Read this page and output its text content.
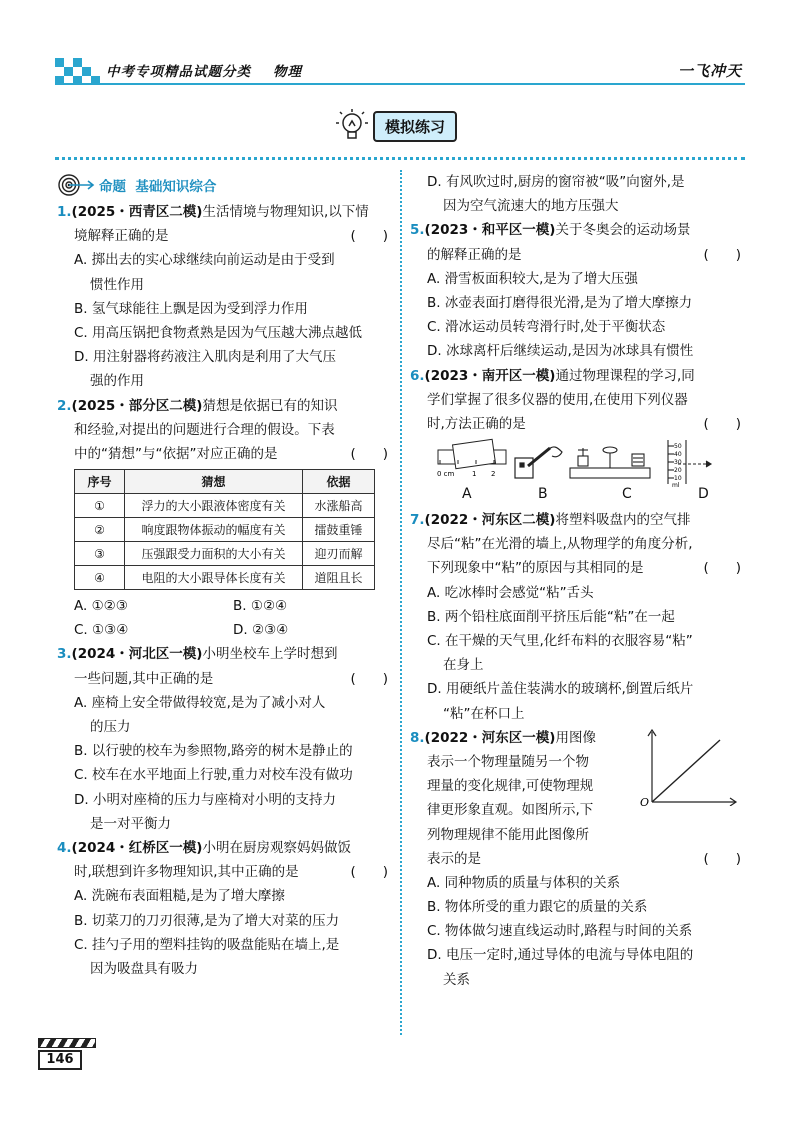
中考专项精品试题分类 物理	一飞冲天
模拟练习
命题
基础知识综合
1.(2025・西青区二模)生活情境与物理知识,以下情
境解释正确的是	(　　)
A. 掷出去的实心球继续向前运动是由于受到
惯性作用
B. 氢气球能往上飘是因为受到浮力作用
C. 用高压锅把食物煮熟是因为气压越大沸点越低
D. 用注射器将药液注入肌肉是利用了大气压
强的作用
2.(2025・部分区二模)猜想是依据已有的知识
和经验,对提出的问题进行合理的假设。下表
中的“猜想”与“依据”对应正确的是	(　　)
序号	猜想	依据
①	浮力的大小跟液体密度有关	水涨船高
②	响度跟物体振动的幅度有关	擂鼓重锤
③	压强跟受力面积的大小有关	迎刃而解
④	电阻的大小跟导体长度有关	道阻且长
A. ①②③	B. ①②④
C. ①③④	D. ②③④
3.(2024・河北区一模)小明坐校车上学时想到
一些问题,其中正确的是	(　　)
A. 座椅上安全带做得较宽,是为了减小对人
的压力
B. 以行驶的校车为参照物,路旁的树木是静止的
C. 校车在水平地面上行驶,重力对校车没有做功
D. 小明对座椅的压力与座椅对小明的支持力
是一对平衡力
4.(2024・红桥区一模)小明在厨房观察妈妈做饭
时,联想到许多物理知识,其中正确的是	(　　)
A. 洗碗布表面粗糙,是为了增大摩擦
B. 切菜刀的刀刃很薄,是为了增大对菜的压力
C. 挂勺子用的塑料挂钩的吸盘能贴在墙上,是
因为吸盘具有吸力
D. 有风吹过时,厨房的窗帘被“吸”向窗外,是
因为空气流速大的地方压强大
5.(2023・和平区一模)关于冬奥会的运动场景
的解释正确的是	(　　)
A. 滑雪板面积较大,是为了增大压强
B. 冰壶表面打磨得很光滑,是为了增大摩擦力
C. 滑冰运动员转弯滑行时,处于平衡状态
D. 冰球离杆后继续运动,是因为冰球具有惯性
6.(2023・南开区一模)通过物理课程的学习,同
学们掌握了很多仪器的使用,在使用下列仪器
时,方法正确的是	(　　)
0 cm	1 2
50
40
30
20
10
ml
A	B	C	D
7.(2022・河东区二模)将塑料吸盘内的空气排
尽后“粘”在光滑的墙上,从物理学的角度分析,
下列现象中“粘”的原因与其相同的是	(　　)
A. 吃冰棒时会感觉“粘”舌头
B. 两个铅柱底面削平挤压后能“粘”在一起
C. 在干燥的天气里,化纤布料的衣服容易“粘”
在身上
D. 用硬纸片盖住装满水的玻璃杯,倒置后纸片
“粘”在杯口上
O
8.(2022・河东区一模)用图像
表示一个物理量随另一个物
理量的变化规律,可使物理规
律更形象直观。如图所示,下
列物理规律不能用此图像所
表示的是	(　　)
A. 同种物质的质量与体积的关系
B. 物体所受的重力跟它的质量的关系
C. 物体做匀速直线运动时,路程与时间的关系
D. 电压一定时,通过导体的电流与导体电阻的
关系
146
